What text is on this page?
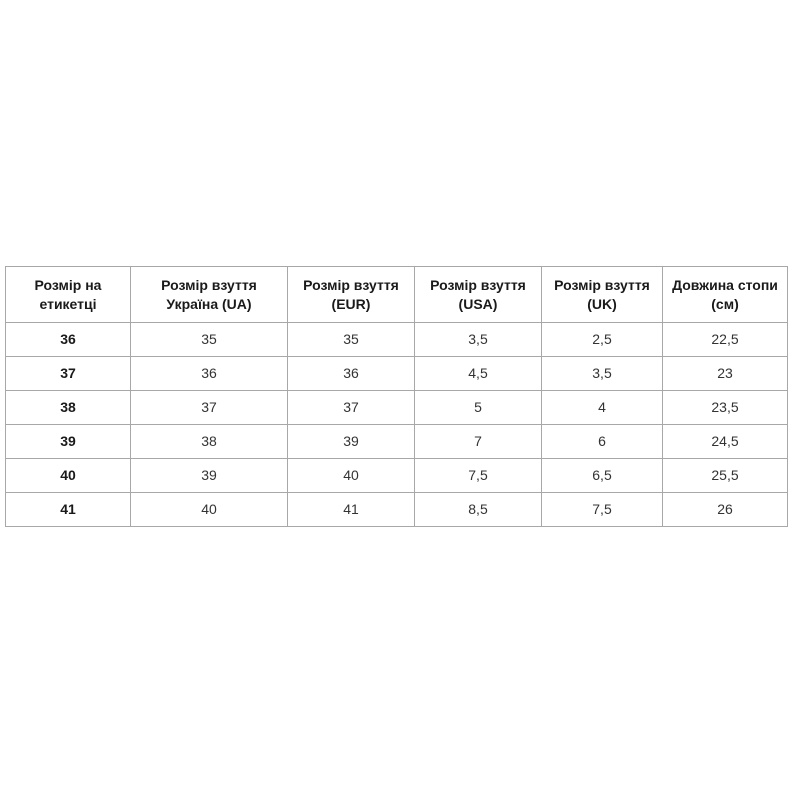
Розмір на етикетці	Розмір взуття Україна (UA)	Розмір взуття (EUR)	Розмір взуття (USA)	Розмір взуття (UK)	Довжина стопи (см)
36	35	35	3,5	2,5	22,5
37	36	36	4,5	3,5	23
38	37	37	5	4	23,5
39	38	39	7	6	24,5
40	39	40	7,5	6,5	25,5
41	40	41	8,5	7,5	26
